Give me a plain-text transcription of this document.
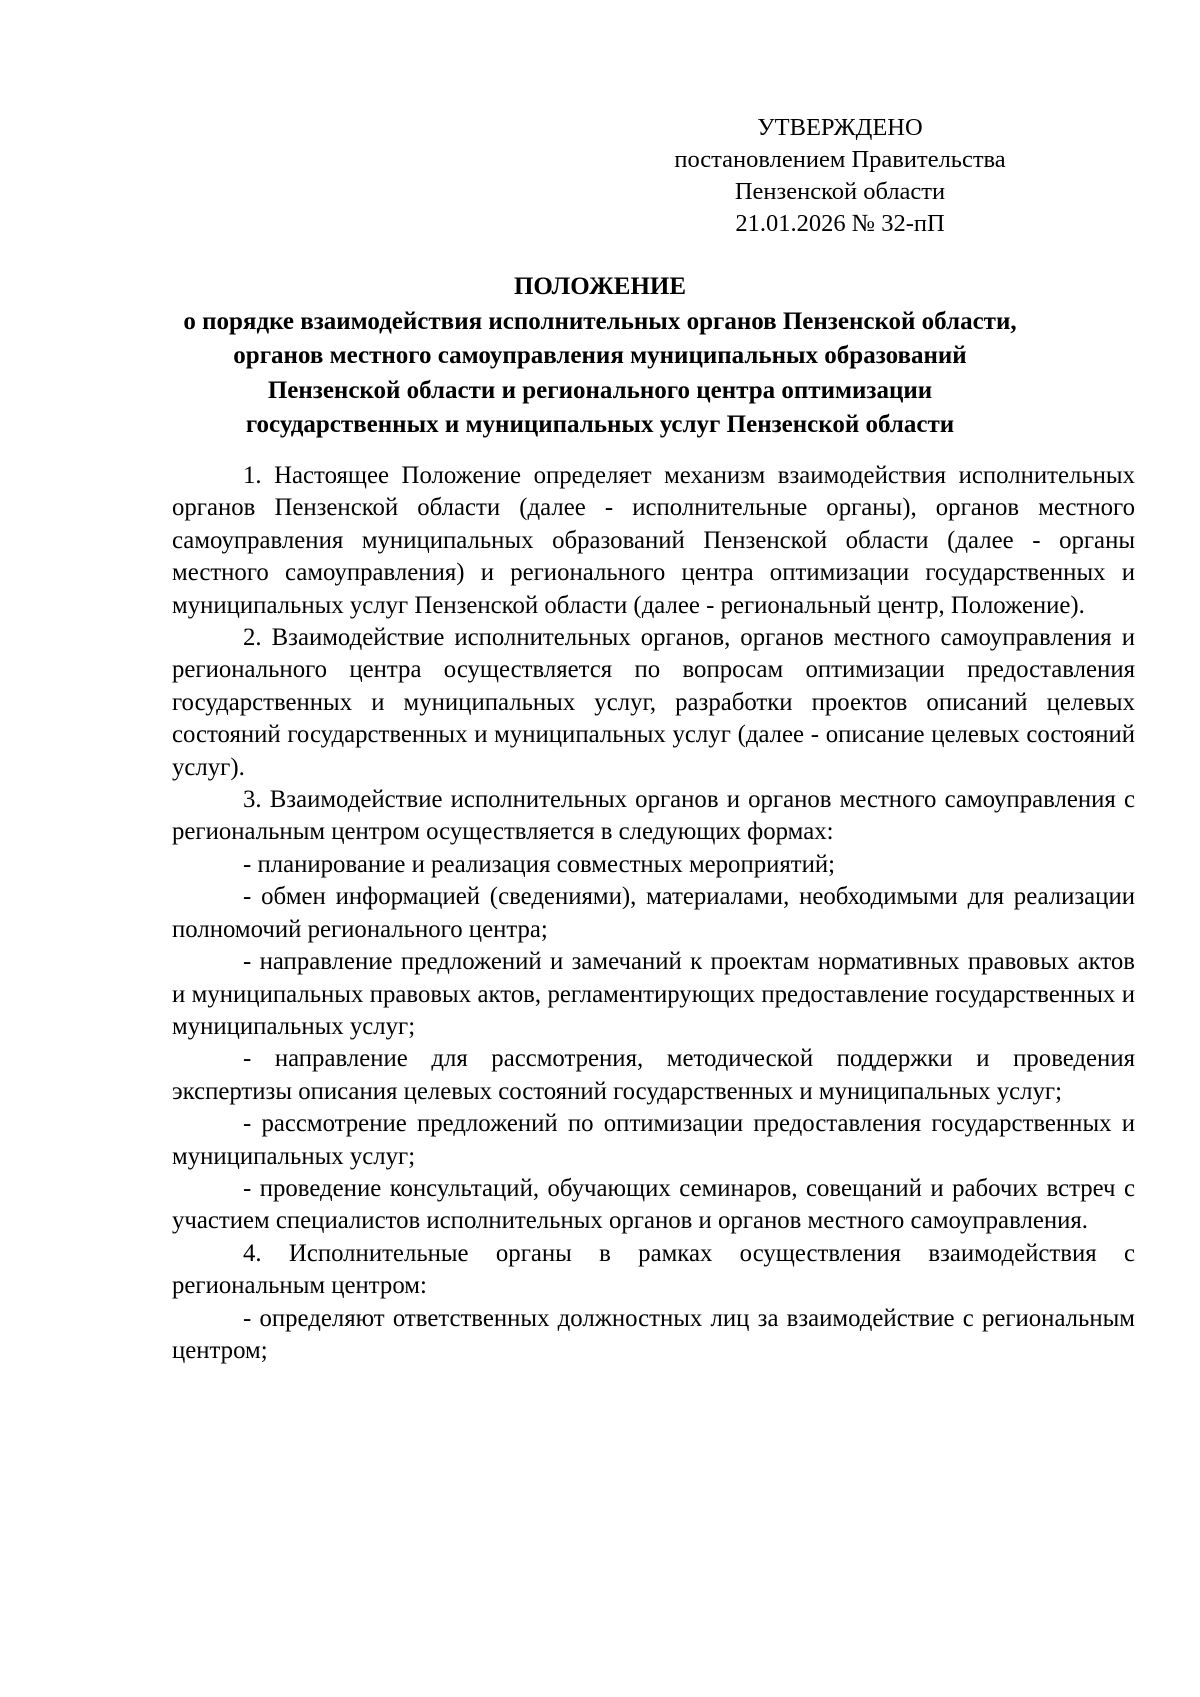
УТВЕРЖДЕНО
постановлением Правительства
Пензенской области
21.01.2026 № 32-пП
ПОЛОЖЕНИЕ
о порядке взаимодействия исполнительных органов Пензенской области,
органов местного самоуправления муниципальных образований
Пензенской области и регионального центра оптимизации
государственных и муниципальных услуг Пензенской области

1. Настоящее Положение определяет механизм взаимодействия исполнительных органов Пензенской области (далее - исполнительные органы), органов местного самоуправления муниципальных образований Пензенской области (далее - органы местного самоуправления) и регионального центра оптимизации государственных и муниципальных услуг Пензенской области (далее - региональный центр, Положение).

2. Взаимодействие исполнительных органов, органов местного самоуправления и регионального центра осуществляется по вопросам оптимизации предоставления государственных и муниципальных услуг, разработки проектов описаний целевых состояний государственных и муниципальных услуг (далее - описание целевых состояний услуг).

3. Взаимодействие исполнительных органов и органов местного самоуправления с региональным центром осуществляется в следующих формах:

- планирование и реализация совместных мероприятий;

- обмен информацией (сведениями), материалами, необходимыми для реализации полномочий регионального центра;

- направление предложений и замечаний к проектам нормативных правовых актов и муниципальных правовых актов, регламентирующих предоставление государственных и муниципальных услуг;

- направление для рассмотрения, методической поддержки и проведения экспертизы описания целевых состояний государственных и муниципальных услуг;

- рассмотрение предложений по оптимизации предоставления государственных и муниципальных услуг;

- проведение консультаций, обучающих семинаров, совещаний и рабочих встреч с участием специалистов исполнительных органов и органов местного самоуправления.

4. Исполнительные органы в рамках осуществления взаимодействия с региональным центром:

- определяют ответственных должностных лиц за взаимодействие с региональным центром;
